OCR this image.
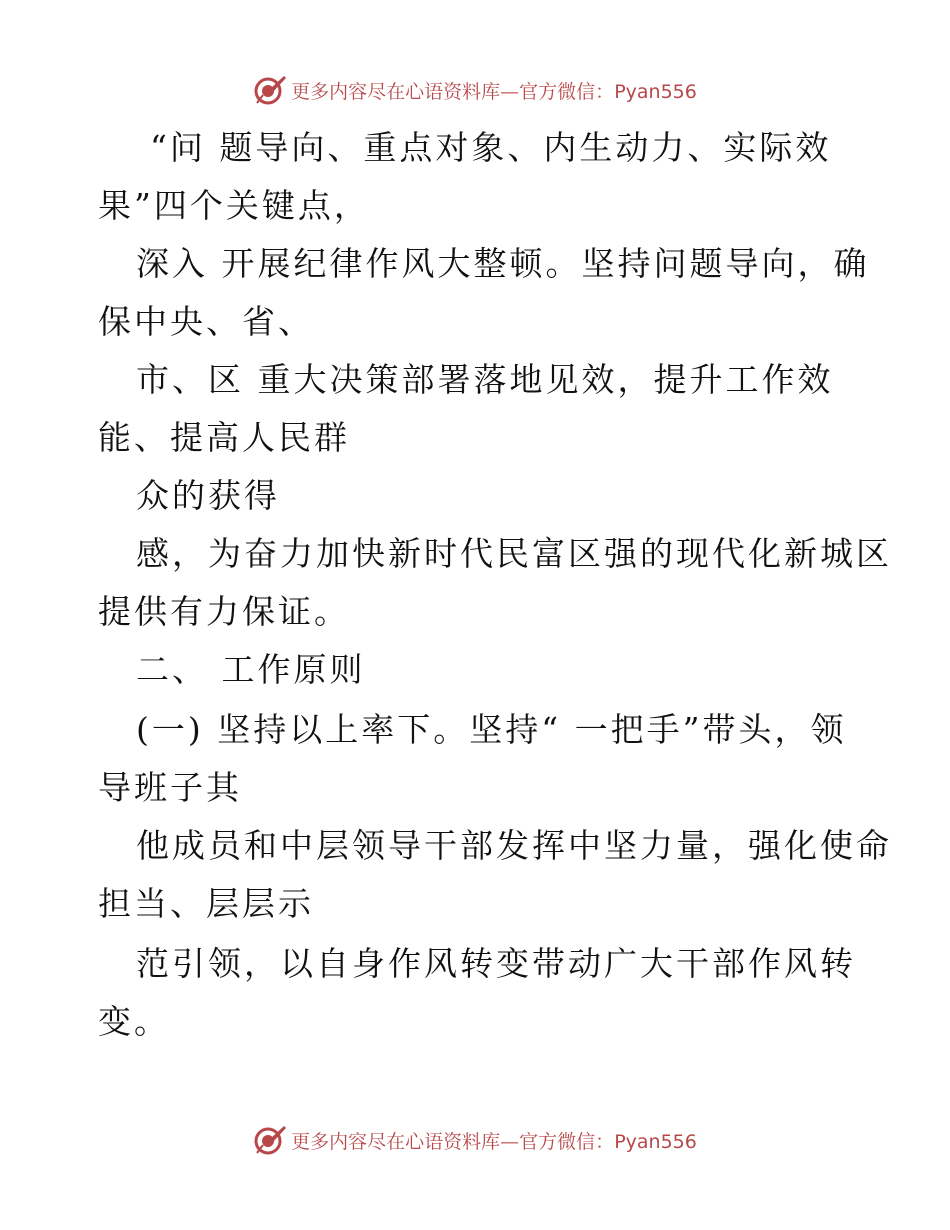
更多内容尽在心语资料库—官方微信：Pyan556
“问 题导向、重点对象、内生动力、实际效
果”四个关键点，
深入 开展纪律作风大整顿。坚持问题导向，确
保中央、省、
市、区 重大决策部署落地见效，提升工作效
能、提高人民群
众的获得
感，为奋力加快新时代民富区强的现代化新城区
提供有力保证。
二、 工作原则
(一) 坚持以上率下。坚持“ 一把手”带头，领
导班子其
他成员和中层领导干部发挥中坚力量，强化使命
担当、层层示
范引领，以自身作风转变带动广大干部作风转
变。
更多内容尽在心语资料库—官方微信：Pyan556
